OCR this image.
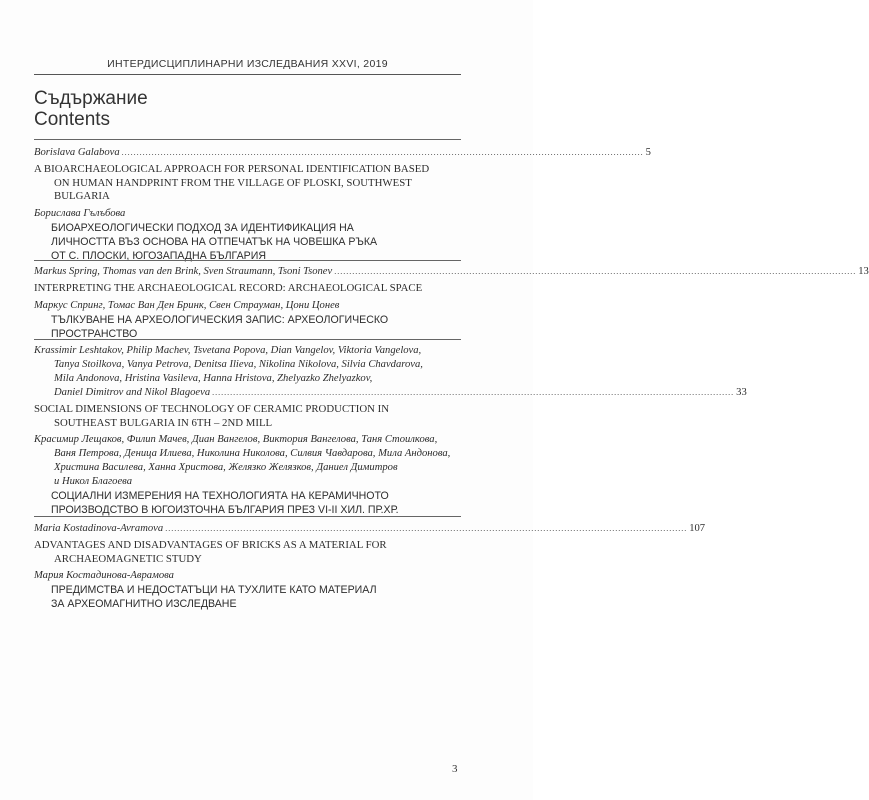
ИНТЕРДИСЦИПЛИНАРНИ ИЗСЛЕДВАНИЯ XXVI, 2019
Съдържание
Contents
Borislava Galabova .............................................................................................................................................................................. 5
A BIOARCHAEOLOGICAL APPROACH FOR PERSONAL IDENTIFICATION BASED
ON HUMAN HANDPRINT FROM THE VILLAGE OF PLOSKI, SOUTHWEST
BULGARIA
Борислава Гълъбова
БИОАРХЕОЛОГИЧЕСКИ ПОДХОД ЗА ИДЕНТИФИКАЦИЯ НА
ЛИЧНОСТТА ВЪЗ ОСНОВА НА ОТПЕЧАТЪК НА ЧОВЕШКА РЪКА
ОТ С. ПЛОСКИ, ЮГОЗАПАДНА БЪЛГАРИЯ
Markus Spring, Thomas van den Brink, Sven Straumann, Tsoni Tsonev .............................................................................................................................................................................. 13
INTERPRETING THE ARCHAEOLOGICAL RECORD: ARCHAEOLOGICAL SPACE
Маркус Спринг, Томас Ван Ден Бринк, Свен Страуман, Цони Цонев
ТЪЛКУВАНЕ НА АРХЕОЛОГИЧЕСКИЯ ЗАПИС: АРХЕОЛОГИЧЕСКО
ПРОСТРАНСТВО
Krassimir Leshtakov, Philip Machev, Tsvetana Popova, Dian Vangelov, Viktoria Vangelova,
Tanya Stoilkova, Vanya Petrova, Denitsa Ilieva, Nikolina Nikolova, Silvia Chavdarova,
Mila Andonova, Hristina Vasileva, Hanna Hristova, Zhelyazko Zhelyazkov,
Daniel Dimitrov and Nikol Blagoeva .............................................................................................................................................................................. 33
SOCIAL DIMENSIONS OF TECHNOLOGY OF CERAMIC PRODUCTION IN
SOUTHEAST BULGARIA IN 6TH – 2ND MILL
Красимир Лещаков, Филип Мачев, Диан Вангелов, Виктория Вангелова, Таня Стоилкова,
Ваня Петрова, Деница Илиева, Николина Николова, Силвия Чавдарова, Мила Андонова,
Христина Василева, Ханна Христова, Желязко Желязков, Даниел Димитров
и Никол Благоева
СОЦИАЛНИ ИЗМЕРЕНИЯ НА ТЕХНОЛОГИЯТА НА КЕРАМИЧНОТО
ПРОИЗВОДСТВО В ЮГОИЗТОЧНА БЪЛГАРИЯ ПРЕЗ VI-II ХИЛ. ПР.ХР.
Maria Kostadinova-Avramova .............................................................................................................................................................................. 107
ADVANTAGES AND DISADVANTAGES OF BRICKS AS A MATERIAL FOR
ARCHAEOMAGNETIC STUDY
Мария Костадинова-Аврамова
ПРЕДИМСТВА И НЕДОСТАТЪЦИ НА ТУХЛИТЕ КАТО МАТЕРИАЛ
ЗА АРХЕОМАГНИТНО ИЗСЛЕДВАНЕ
3
